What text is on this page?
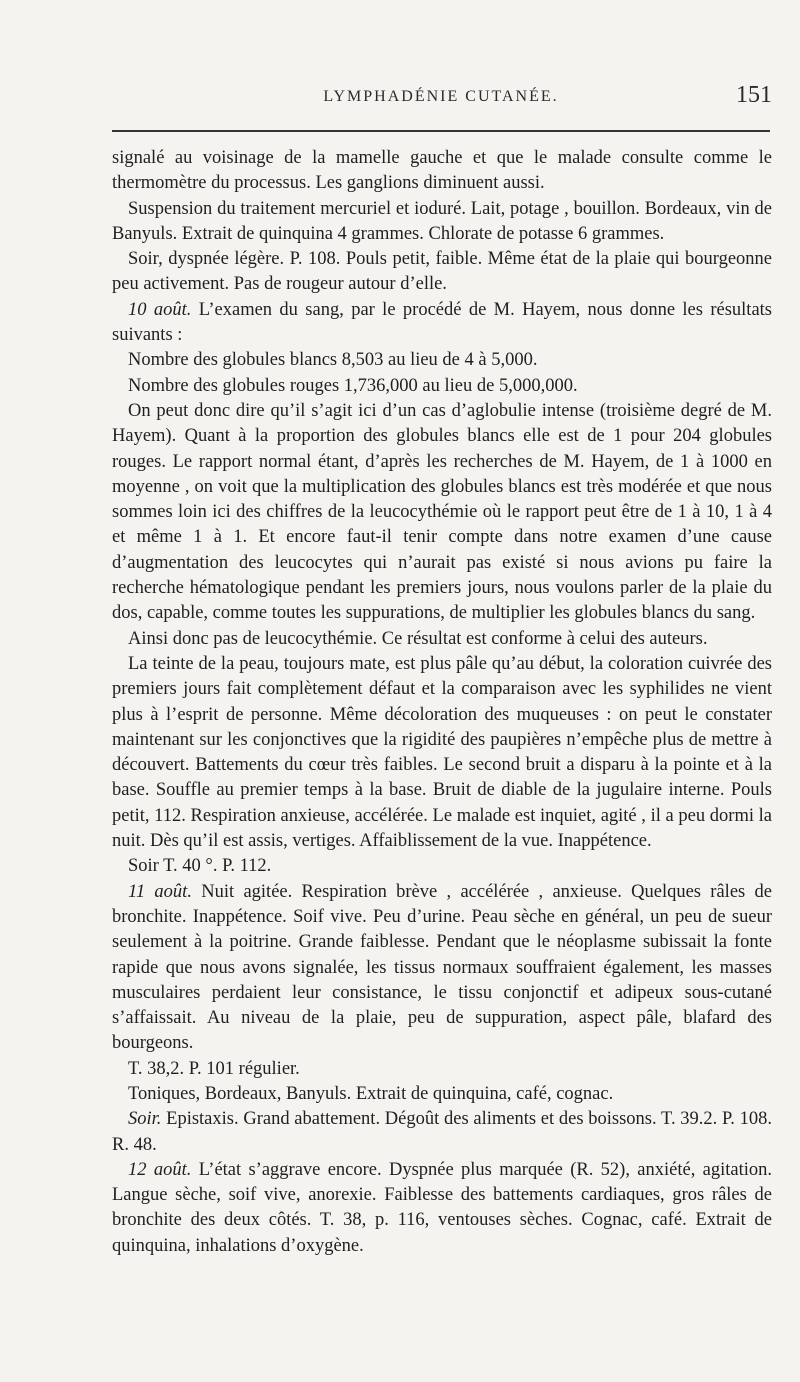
LYMPHADÉNIE CUTANÉE.	151

signalé au voisinage de la mamelle gauche et que le malade consulte comme le thermomètre du processus. Les ganglions diminuent aussi.

Suspension du traitement mercuriel et ioduré. Lait, potage , bouillon. Bordeaux, vin de Banyuls. Extrait de quinquina 4 grammes. Chlorate de potasse 6 grammes.

Soir, dyspnée légère. P. 108. Pouls petit, faible. Même état de la plaie qui bourgeonne peu activement. Pas de rougeur autour d’elle.

10 août. L’examen du sang, par le procédé de M. Hayem, nous donne les résultats suivants :

Nombre des globules blancs 8,503 au lieu de 4 à 5,000.

Nombre des globules rouges 1,736,000 au lieu de 5,000,000.

On peut donc dire qu’il s’agit ici d’un cas d’aglobulie intense (troisième degré de M. Hayem). Quant à la proportion des globules blancs elle est de 1 pour 204 globules rouges. Le rapport normal étant, d’après les recherches de M. Hayem, de 1 à 1000 en moyenne , on voit que la multiplication des globules blancs est très modérée et que nous sommes loin ici des chiffres de la leucocythémie où le rapport peut être de 1 à 10, 1 à 4 et même 1 à 1. Et encore faut-il tenir compte dans notre examen d’une cause d’augmentation des leucocytes qui n’aurait pas existé si nous avions pu faire la recherche hématologique pendant les premiers jours, nous voulons parler de la plaie du dos, capable, comme toutes les suppurations, de multiplier les globules blancs du sang.

Ainsi donc pas de leucocythémie. Ce résultat est conforme à celui des auteurs.

La teinte de la peau, toujours mate, est plus pâle qu’au début, la coloration cuivrée des premiers jours fait complètement défaut et la comparaison avec les syphilides ne vient plus à l’esprit de personne. Même décoloration des muqueuses : on peut le constater maintenant sur les conjonctives que la rigidité des paupières n’empêche plus de mettre à découvert. Battements du cœur très faibles. Le second bruit a disparu à la pointe et à la base. Souffle au premier temps à la base. Bruit de diable de la jugulaire interne. Pouls petit, 112. Respiration anxieuse, accélérée. Le malade est inquiet, agité , il a peu dormi la nuit. Dès qu’il est assis, vertiges. Affaiblissement de la vue. Inappétence.

Soir T. 40 °. P. 112.

11 août. Nuit agitée. Respiration brève , accélérée , anxieuse. Quelques râles de bronchite. Inappétence. Soif vive. Peu d’urine. Peau sèche en général, un peu de sueur seulement à la poitrine. Grande faiblesse. Pendant que le néoplasme subissait la fonte rapide que nous avons signalée, les tissus normaux souffraient également, les masses musculaires perdaient leur consistance, le tissu conjonctif et adipeux sous-cutané s’affaissait. Au niveau de la plaie, peu de suppuration, aspect pâle, blafard des bourgeons.

T. 38,2. P. 101 régulier.

Toniques, Bordeaux, Banyuls. Extrait de quinquina, café, cognac.

Soir. Epistaxis. Grand abattement. Dégoût des aliments et des boissons. T. 39.2. P. 108. R. 48.

12 août. L’état s’aggrave encore. Dyspnée plus marquée (R. 52), anxiété, agitation. Langue sèche, soif vive, anorexie. Faiblesse des battements cardiaques, gros râles de bronchite des deux côtés. T. 38, p. 116, ventouses sèches. Cognac, café. Extrait de quinquina, inhalations d’oxygène.
